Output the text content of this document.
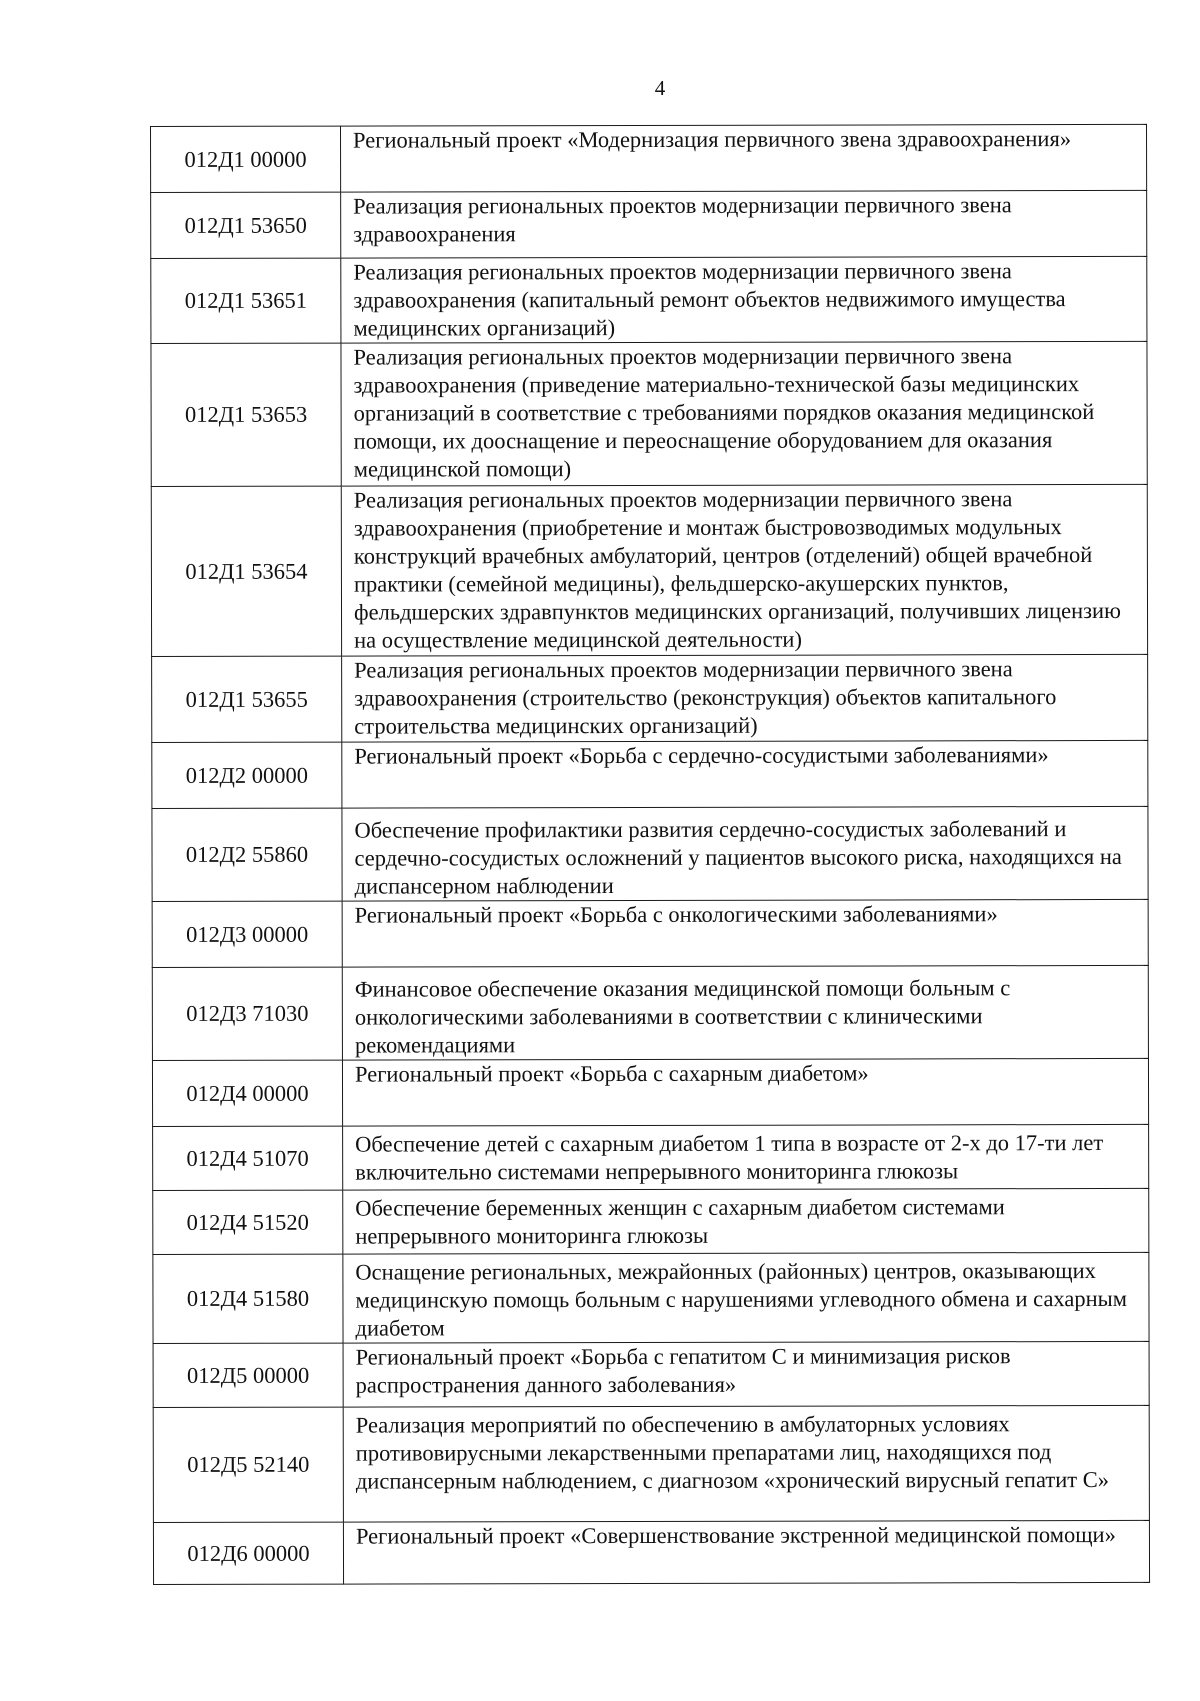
4
012Д1 00000	Региональный проект «Модернизация первичного звена здравоохранения»
012Д1 53650	Реализация региональных проектов модернизации первичного звена здравоохранения
012Д1 53651	Реализация региональных проектов модернизации первичного звена здравоохранения (капитальный ремонт объектов недвижимого имущества медицинских организаций)
012Д1 53653	Реализация региональных проектов модернизации первичного звена здравоохранения (приведение материально-технической базы медицинских организаций в соответствие с требованиями порядков оказания медицинской помощи, их дооснащение и переоснащение оборудованием для оказания медицинской помощи)
012Д1 53654	Реализация региональных проектов модернизации первичного звена здравоохранения (приобретение и монтаж быстровозводимых модульных конструкций врачебных амбулаторий, центров (отделений) общей врачебной практики (семейной медицины), фельдшерско-акушерских пунктов, фельдшерских здравпунктов медицинских организаций, получивших лицензию на осуществление медицинской деятельности)
012Д1 53655	Реализация региональных проектов модернизации первичного звена здравоохранения (строительство (реконструкция) объектов капитального строительства медицинских организаций)
012Д2 00000	Региональный проект «Борьба с сердечно-сосудистыми заболеваниями»
012Д2 55860	Обеспечение профилактики развития сердечно-сосудистых заболеваний и сердечно-сосудистых осложнений у пациентов высокого риска, находящихся на диспансерном наблюдении
012Д3 00000	Региональный проект «Борьба с онкологическими заболеваниями»
012Д3 71030	Финансовое обеспечение оказания медицинской помощи больным с онкологическими заболеваниями в соответствии с клиническими рекомендациями
012Д4 00000	Региональный проект «Борьба с сахарным диабетом»
012Д4 51070	Обеспечение детей с сахарным диабетом 1 типа в возрасте от 2-х до 17-ти лет включительно системами непрерывного мониторинга глюкозы
012Д4 51520	Обеспечение беременных женщин с сахарным диабетом системами непрерывного мониторинга глюкозы
012Д4 51580	Оснащение региональных, межрайонных (районных) центров, оказывающих медицинскую помощь больным с нарушениями углеводного обмена и сахарным диабетом
012Д5 00000	Региональный проект «Борьба с гепатитом С и минимизация рисков распространения данного заболевания»
012Д5 52140	Реализация мероприятий по обеспечению в амбулаторных условиях противовирусными лекарственными препаратами лиц, находящихся под диспансерным наблюдением, с диагнозом «хронический вирусный гепатит С»
012Д6 00000	Региональный проект «Совершенствование экстренной медицинской помощи»
